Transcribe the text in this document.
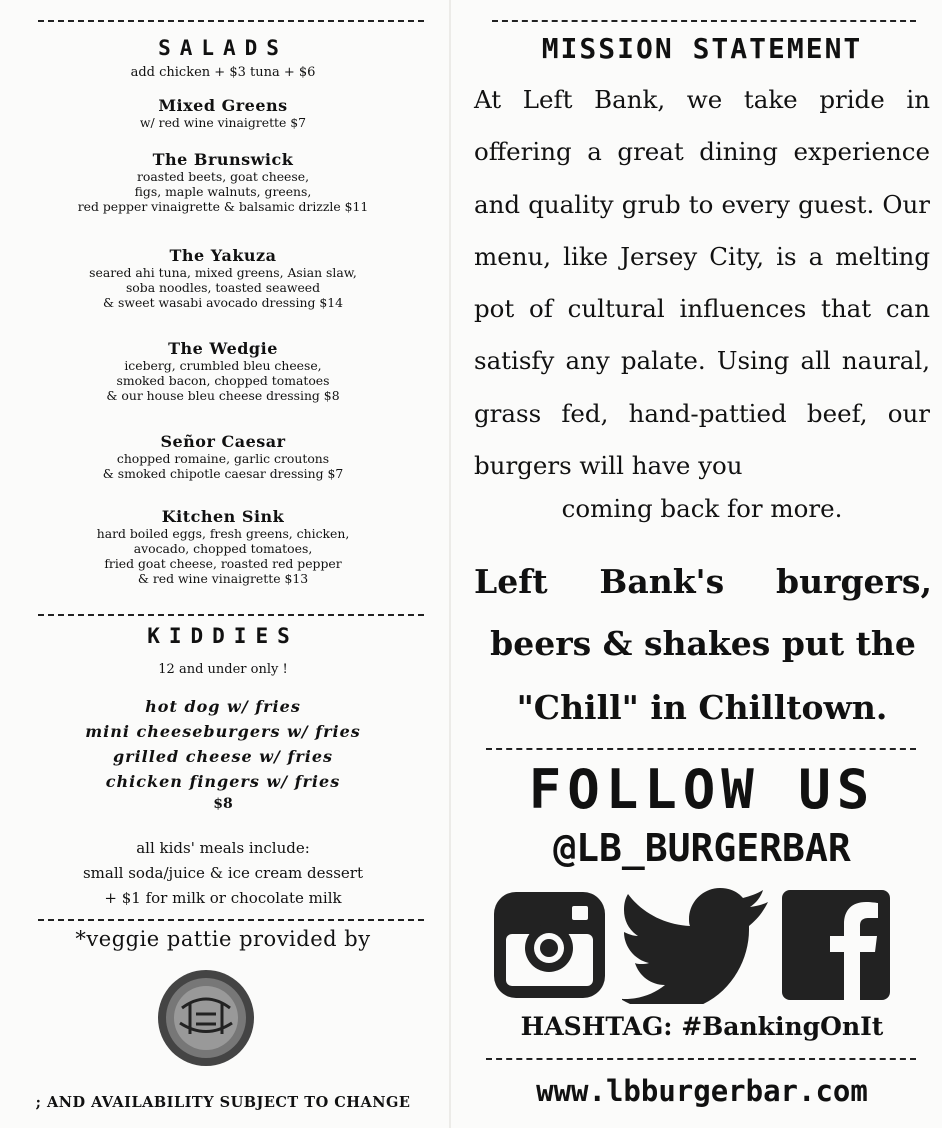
SALADS
add chicken + $3 tuna + $6
Mixed Greens
w/ red wine vinaigrette $7
The Brunswick
roasted beets, goat cheese,
figs, maple walnuts, greens,
red pepper vinaigrette & balsamic drizzle $11
The Yakuza
seared ahi tuna, mixed greens, Asian slaw,
soba noodles, toasted seaweed
& sweet wasabi avocado dressing $14
The Wedgie
iceberg, crumbled bleu cheese,
smoked bacon, chopped tomatoes
& our house bleu cheese dressing $8
Señor Caesar
chopped romaine, garlic croutons
& smoked chipotle caesar dressing $7
Kitchen Sink
hard boiled eggs, fresh greens, chicken,
avocado, chopped tomatoes,
fried goat cheese, roasted red pepper
& red wine vinaigrette $13
KIDDIES
12 and under only !
hot dog w/ fries
mini cheeseburgers w/ fries
grilled cheese w/ fries
chicken fingers w/ fries
$8
all kids' meals include:
small soda/juice & ice cream dessert
+ $1 for milk or chocolate milk
*veggie pattie provided by
; AND AVAILABILITY SUBJECT TO CHANGE
MISSION STATEMENT
At Left Bank, we take pride in offering a great dining experience and quality grub to every guest. Our menu, like Jersey City, is a melting pot of cultural influences that can satisfy any palate. Using all naural, grass fed, hand-pattied beef, our burgers will have you
coming back for more.
Left Bank's burgers,
beers & shakes put the
"Chill" in Chilltown.
FOLLOW US
@LB_BURGERBAR
HASHTAG: #BankingOnIt
www.lbburgerbar.com
